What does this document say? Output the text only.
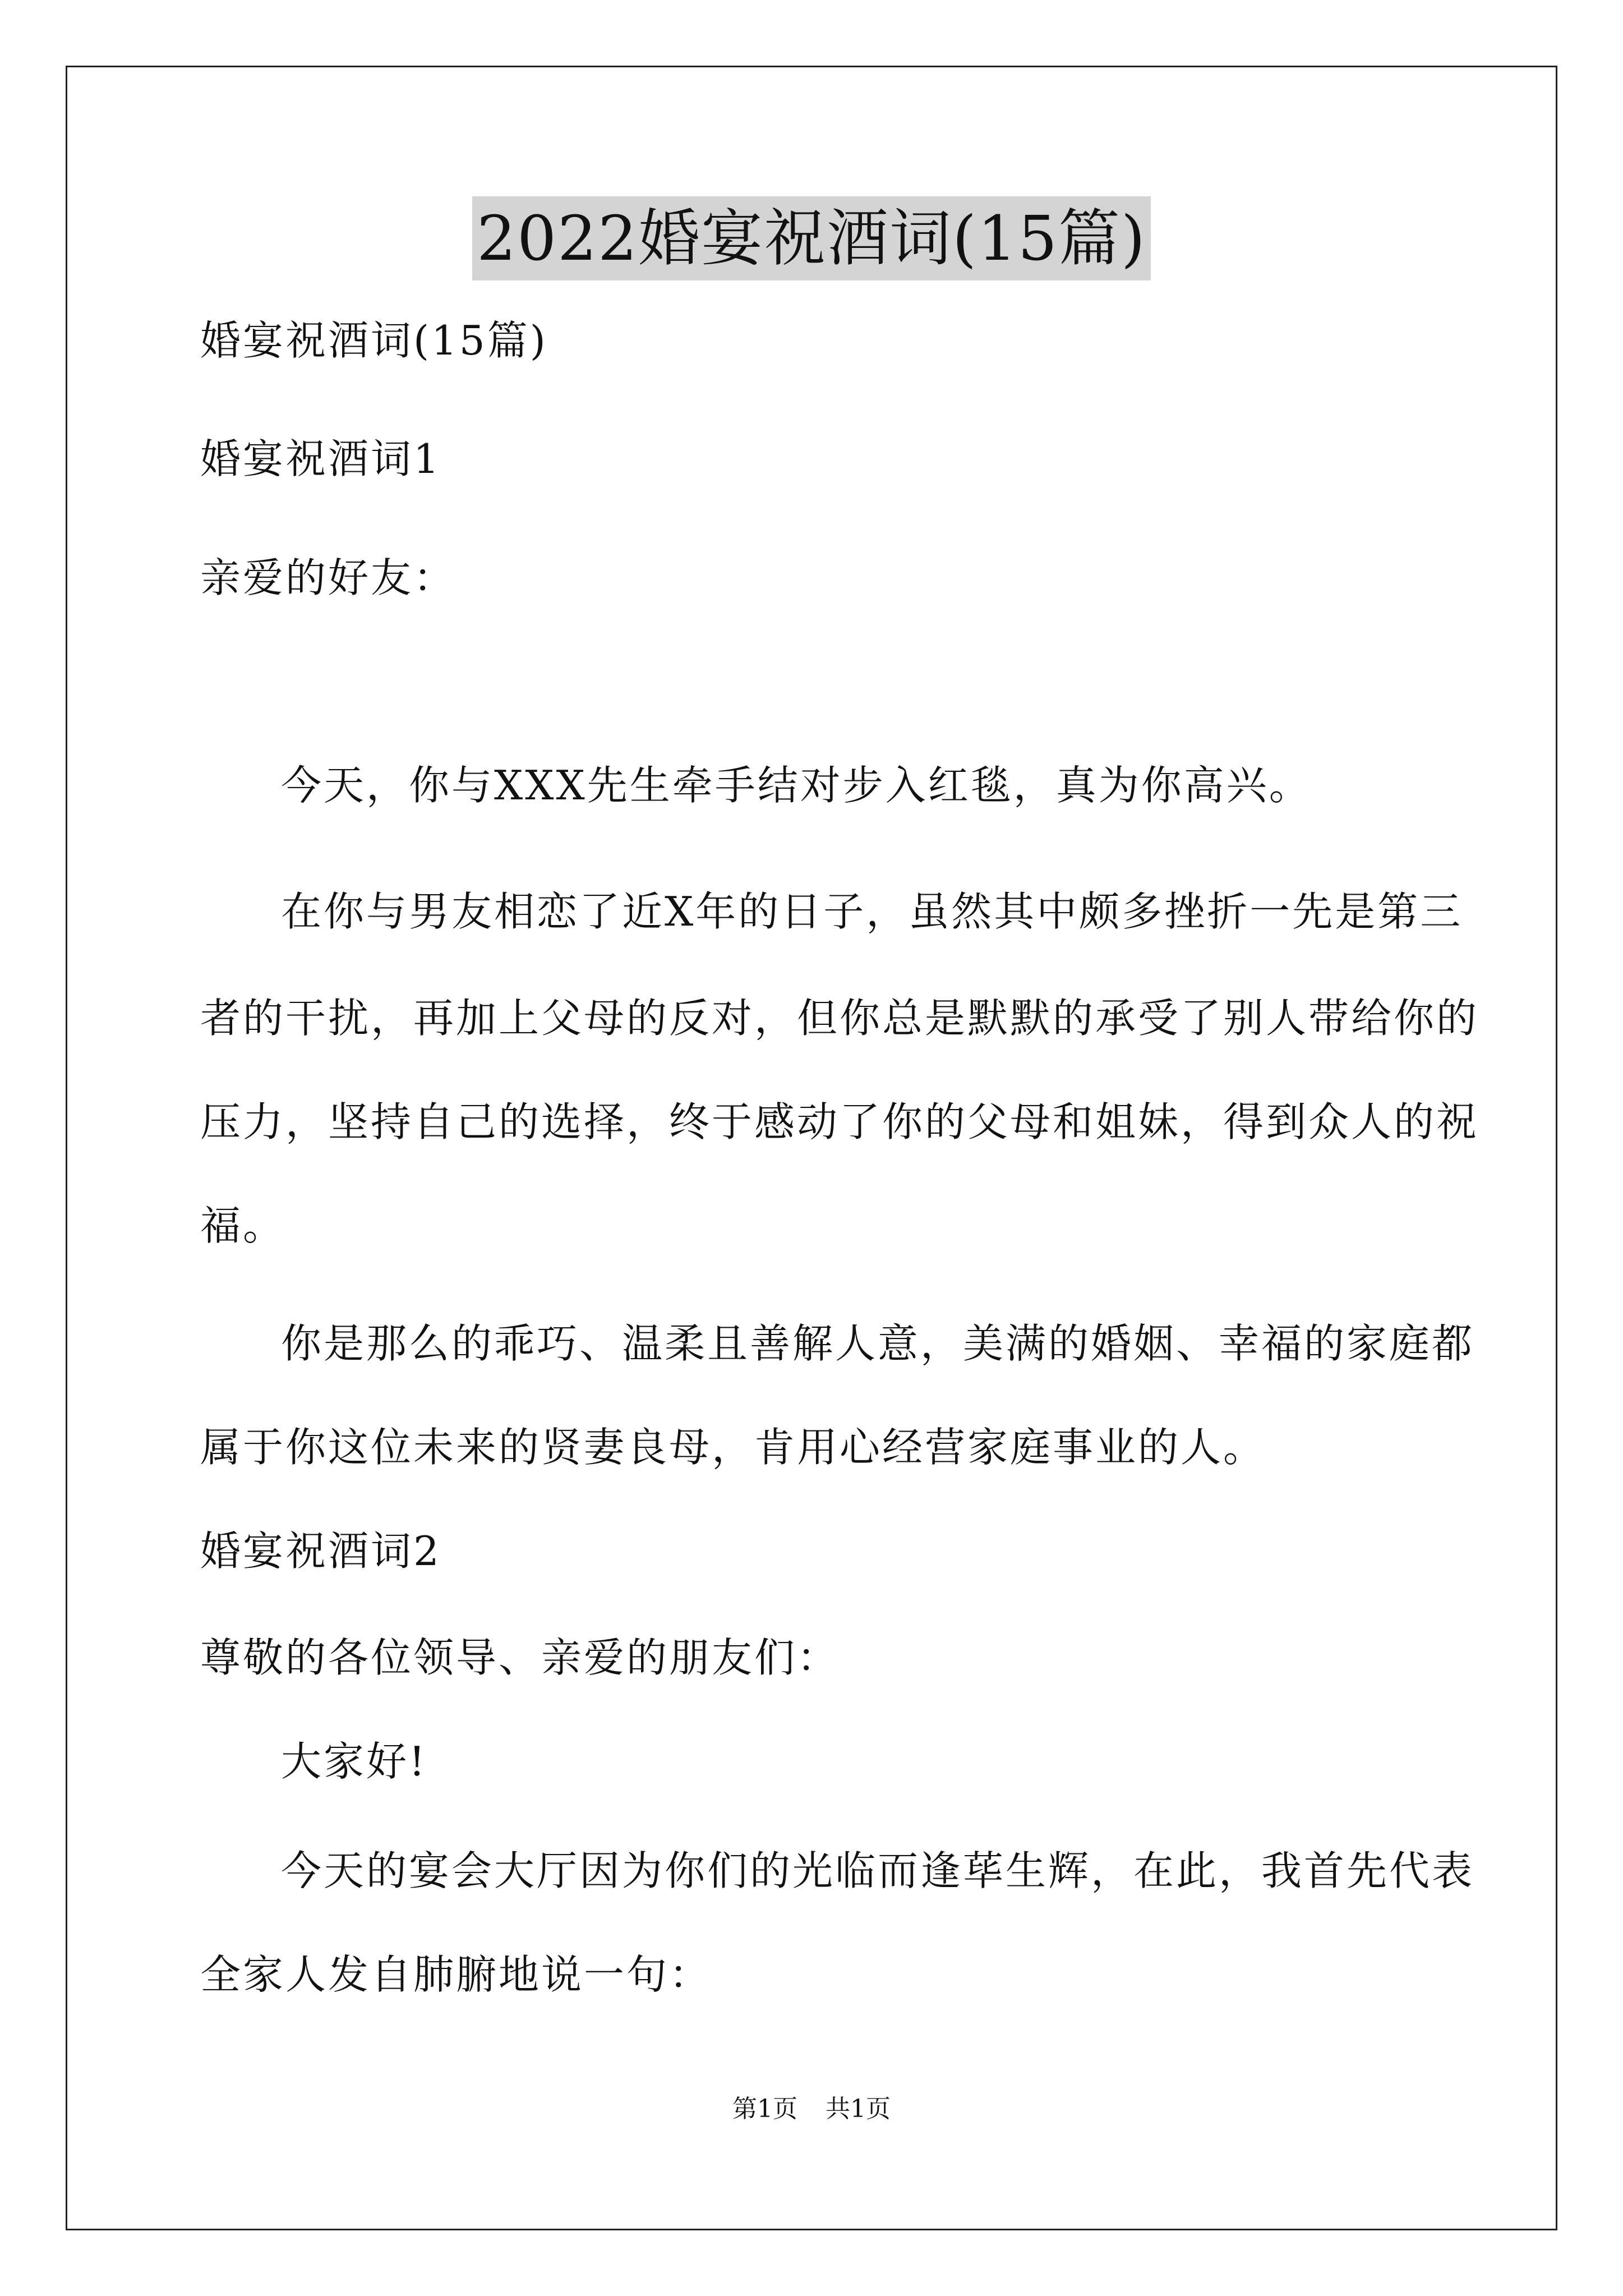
2022婚宴祝酒词(15篇)
婚宴祝酒词(15篇)
婚宴祝酒词1
亲爱的好友：
今天，你与XXX先生牵手结对步入红毯，真为你高兴。
在你与男友相恋了近X年的日子，虽然其中颇多挫折一先是第三
者的干扰，再加上父母的反对，但你总是默默的承受了别人带给你的
压力，坚持自己的选择，终于感动了你的父母和姐妹，得到众人的祝
福。
你是那么的乖巧、温柔且善解人意，美满的婚姻、幸福的家庭都
属于你这位未来的贤妻良母，肯用心经营家庭事业的人。
婚宴祝酒词2
尊敬的各位领导、亲爱的朋友们：
大家好!
今天的宴会大厅因为你们的光临而逢荜生辉，在此，我首先代表
全家人发自肺腑地说一句：
第1页 共1页
